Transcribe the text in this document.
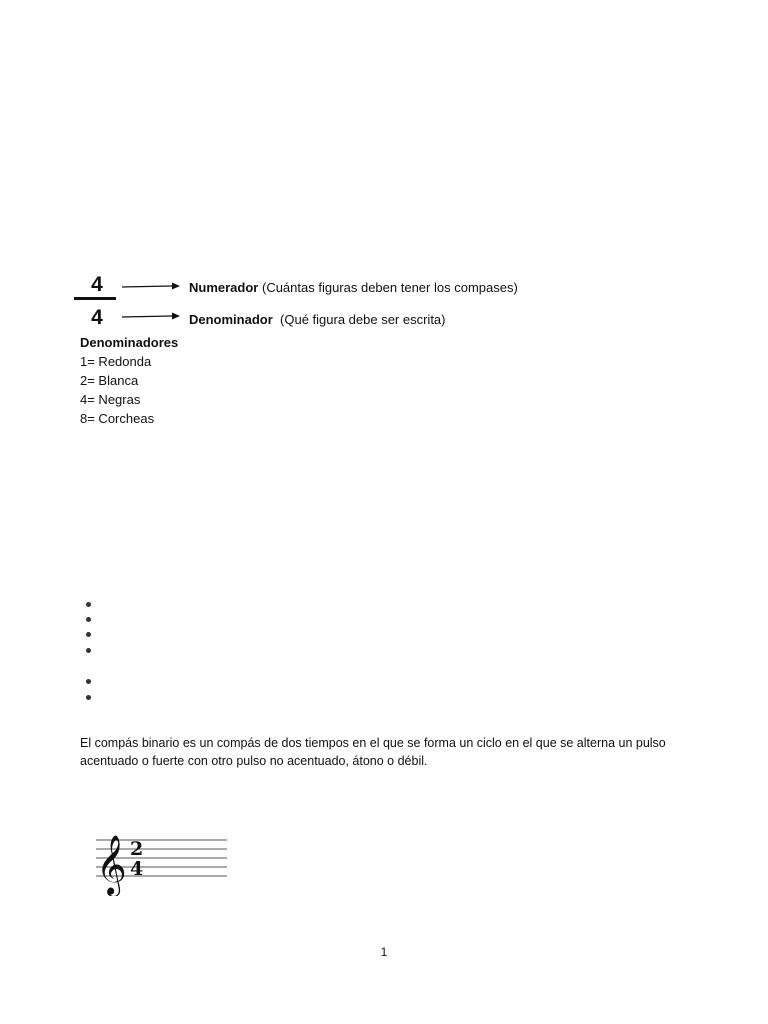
4
4
Numerador (Cuántas figuras deben tener los compases)
Denominador (Qué figura debe ser escrita)
Denominadores
1= Redonda
2= Blanca
4= Negras
8= Corcheas
El compás binario es un compás de dos tiempos en el que se forma un ciclo en el que se alterna un pulso acentuado o fuerte con otro pulso no acentuado, átono o débil.
𝄞 2
4
1
